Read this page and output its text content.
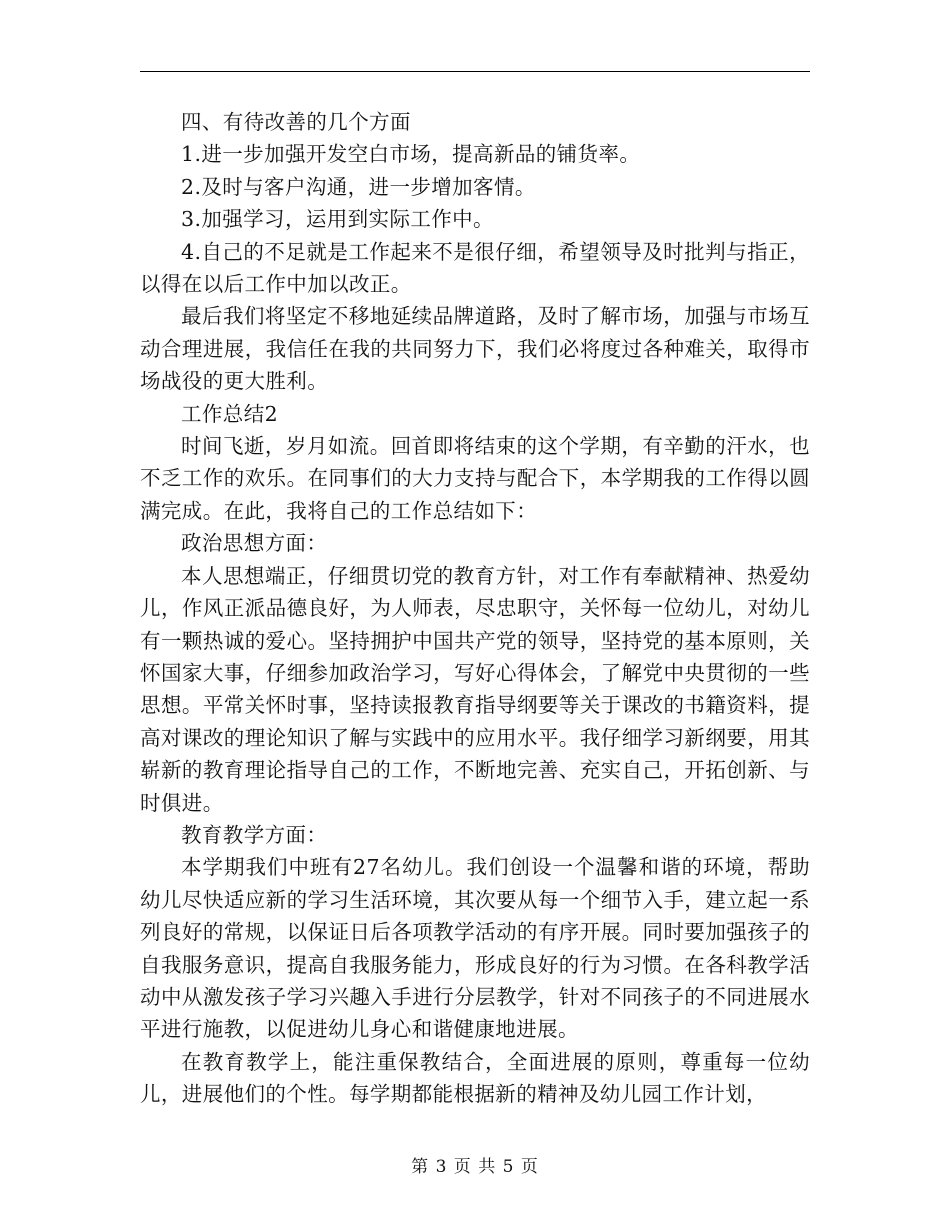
四、有待改善的几个方面

1.进一步加强开发空白市场，提高新品的铺货率。

2.及时与客户沟通，进一步增加客情。

3.加强学习，运用到实际工作中。

4.自己的不足就是工作起来不是很仔细，希望领导及时批判与指正，以得在以后工作中加以改正。

最后我们将坚定不移地延续品牌道路，及时了解市场，加强与市场互动合理进展，我信任在我的共同努力下，我们必将度过各种难关，取得市场战役的更大胜利。

工作总结2

时间飞逝，岁月如流。回首即将结束的这个学期，有辛勤的汗水，也不乏工作的欢乐。在同事们的大力支持与配合下，本学期我的工作得以圆满完成。在此，我将自己的工作总结如下：

政治思想方面：

本人思想端正，仔细贯切党的教育方针，对工作有奉献精神、热爱幼儿，作风正派品德良好，为人师表，尽忠职守，关怀每一位幼儿，对幼儿有一颗热诚的爱心。坚持拥护中国共产党的领导，坚持党的基本原则，关怀国家大事，仔细参加政治学习，写好心得体会，了解党中央贯彻的一些思想。平常关怀时事，坚持读报教育指导纲要等关于课改的书籍资料，提高对课改的理论知识了解与实践中的应用水平。我仔细学习新纲要，用其崭新的教育理论指导自己的工作，不断地完善、充实自己，开拓创新、与时俱进。

教育教学方面：

本学期我们中班有27名幼儿。我们创设一个温馨和谐的环境，帮助幼儿尽快适应新的学习生活环境，其次要从每一个细节入手，建立起一系列良好的常规，以保证日后各项教学活动的有序开展。同时要加强孩子的自我服务意识，提高自我服务能力，形成良好的行为习惯。在各科教学活动中从激发孩子学习兴趣入手进行分层教学，针对不同孩子的不同进展水平进行施教，以促进幼儿身心和谐健康地进展。

在教育教学上，能注重保教结合，全面进展的原则，尊重每一位幼儿，进展他们的个性。每学期都能根据新的精神及幼儿园工作计划，

第 3 页 共 5 页
